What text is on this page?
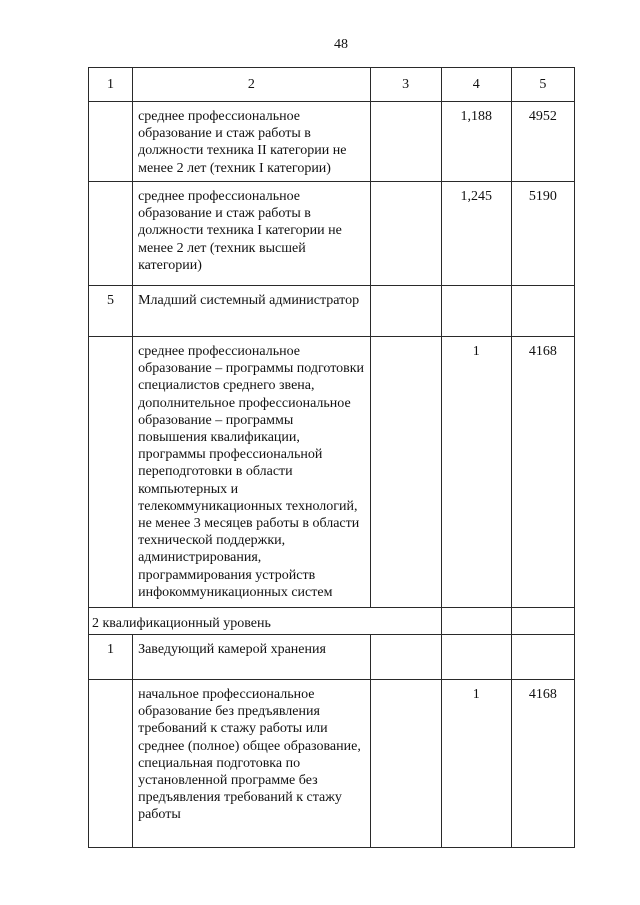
48
1	2	3	4	5

	среднее профессиональное образование и стаж работы в должности техника II категории не менее 2 лет (техник I категории)		1,188	4952

	среднее профессиональное образование и стаж работы в должности техника I категории не менее 2 лет (техник высшей категории)		1,245	5190

5	Младший системный администратор			

	среднее профессиональное образование – программы подготовки специалистов среднего звена, дополнительное профессиональное образование – программы повышения квалификации, программы профессиональной переподготовки в области компьютерных и телекоммуникационных технологий, не менее 3 месяцев работы в области технической поддержки, администрирования, программирования устройств инфокоммуникационных систем		1	4168

2 квалификационный уровень				

1	Заведующий камерой хранения			

	начальное профессиональное образование без предъявления требований к стажу работы или среднее (полное) общее образование, специальная подготовка по установленной программе без предъявления требований к стажу работы		1	4168
